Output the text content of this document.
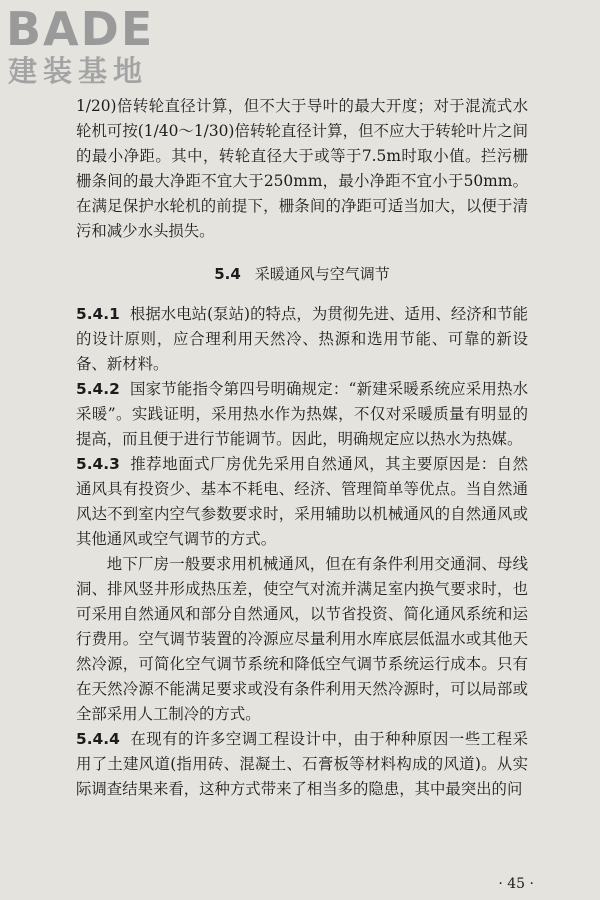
BADE
建装基地

1/20)倍转轮直径计算，但不大于导叶的最大开度；对于混流式水轮机可按(1/40～1/30)倍转轮直径计算，但不应大于转轮叶片之间的最小净距。其中，转轮直径大于或等于7.5m时取小值。拦污栅栅条间的最大净距不宜大于250mm，最小净距不宜小于50mm。在满足保护水轮机的前提下，栅条间的净距可适当加大，以便于清污和减少水头损失。

5.4 采暖通风与空气调节

5.4.1 根据水电站(泵站)的特点，为贯彻先进、适用、经济和节能的设计原则，应合理利用天然冷、热源和选用节能、可靠的新设备、新材料。

5.4.2 国家节能指令第四号明确规定：“新建采暖系统应采用热水采暖”。实践证明，采用热水作为热媒，不仅对采暖质量有明显的提高，而且便于进行节能调节。因此，明确规定应以热水为热媒。

5.4.3 推荐地面式厂房优先采用自然通风，其主要原因是：自然通风具有投资少、基本不耗电、经济、管理简单等优点。当自然通风达不到室内空气参数要求时，采用辅助以机械通风的自然通风或其他通风或空气调节的方式。

地下厂房一般要求用机械通风，但在有条件利用交通洞、母线洞、排风竖井形成热压差，使空气对流并满足室内换气要求时，也可采用自然通风和部分自然通风，以节省投资、简化通风系统和运行费用。空气调节装置的冷源应尽量利用水库底层低温水或其他天然冷源，可简化空气调节系统和降低空气调节系统运行成本。只有在天然冷源不能满足要求或没有条件利用天然冷源时，可以局部或全部采用人工制冷的方式。

5.4.4 在现有的许多空调工程设计中，由于种种原因一些工程采用了土建风道(指用砖、混凝土、石膏板等材料构成的风道)。从实际调查结果来看，这种方式带来了相当多的隐患，其中最突出的问

· 45 ·
